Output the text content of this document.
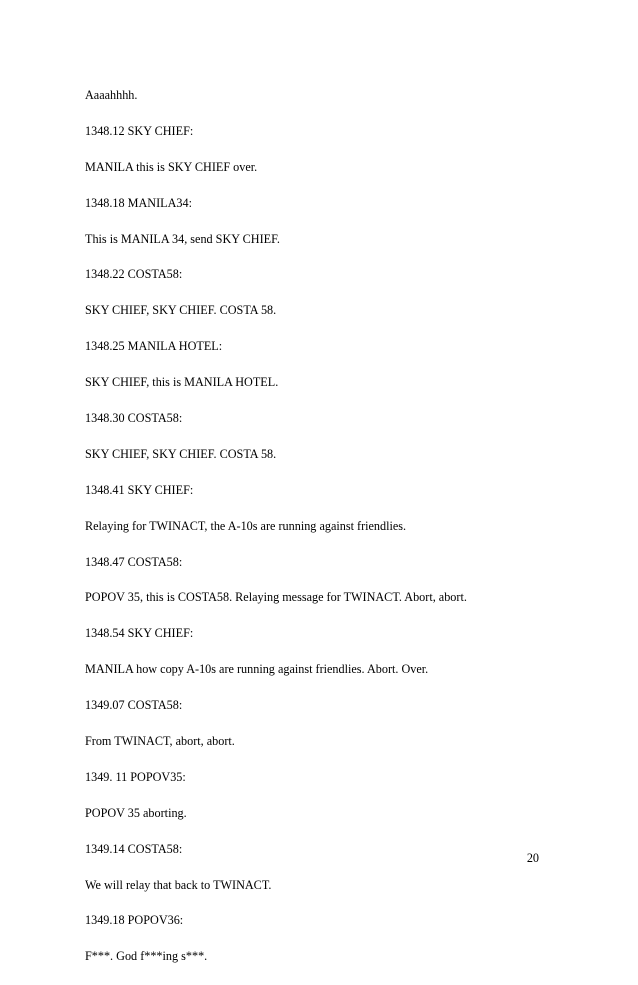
Aaaahhhh.
1348.12 SKY CHIEF:
MANILA this is SKY CHIEF over.
1348.18 MANILA34:
This is MANILA 34, send SKY CHIEF.
1348.22 COSTA58:
SKY CHIEF, SKY CHIEF. COSTA 58.
1348.25 MANILA HOTEL:
SKY CHIEF, this is MANILA HOTEL.
1348.30 COSTA58:
SKY CHIEF, SKY CHIEF. COSTA 58.
1348.41 SKY CHIEF:
Relaying for TWINACT, the A-10s are running against friendlies.
1348.47 COSTA58:
POPOV 35, this is COSTA58. Relaying message for TWINACT. Abort, abort.
1348.54 SKY CHIEF:
MANILA how copy A-10s are running against friendlies. Abort. Over.
1349.07 COSTA58:
From TWINACT, abort, abort.
1349. 11 POPOV35:
POPOV 35 aborting.
1349.14 COSTA58:
We will relay that back to TWINACT.
1349.18 POPOV36:
F***. God f***ing s***.
20
